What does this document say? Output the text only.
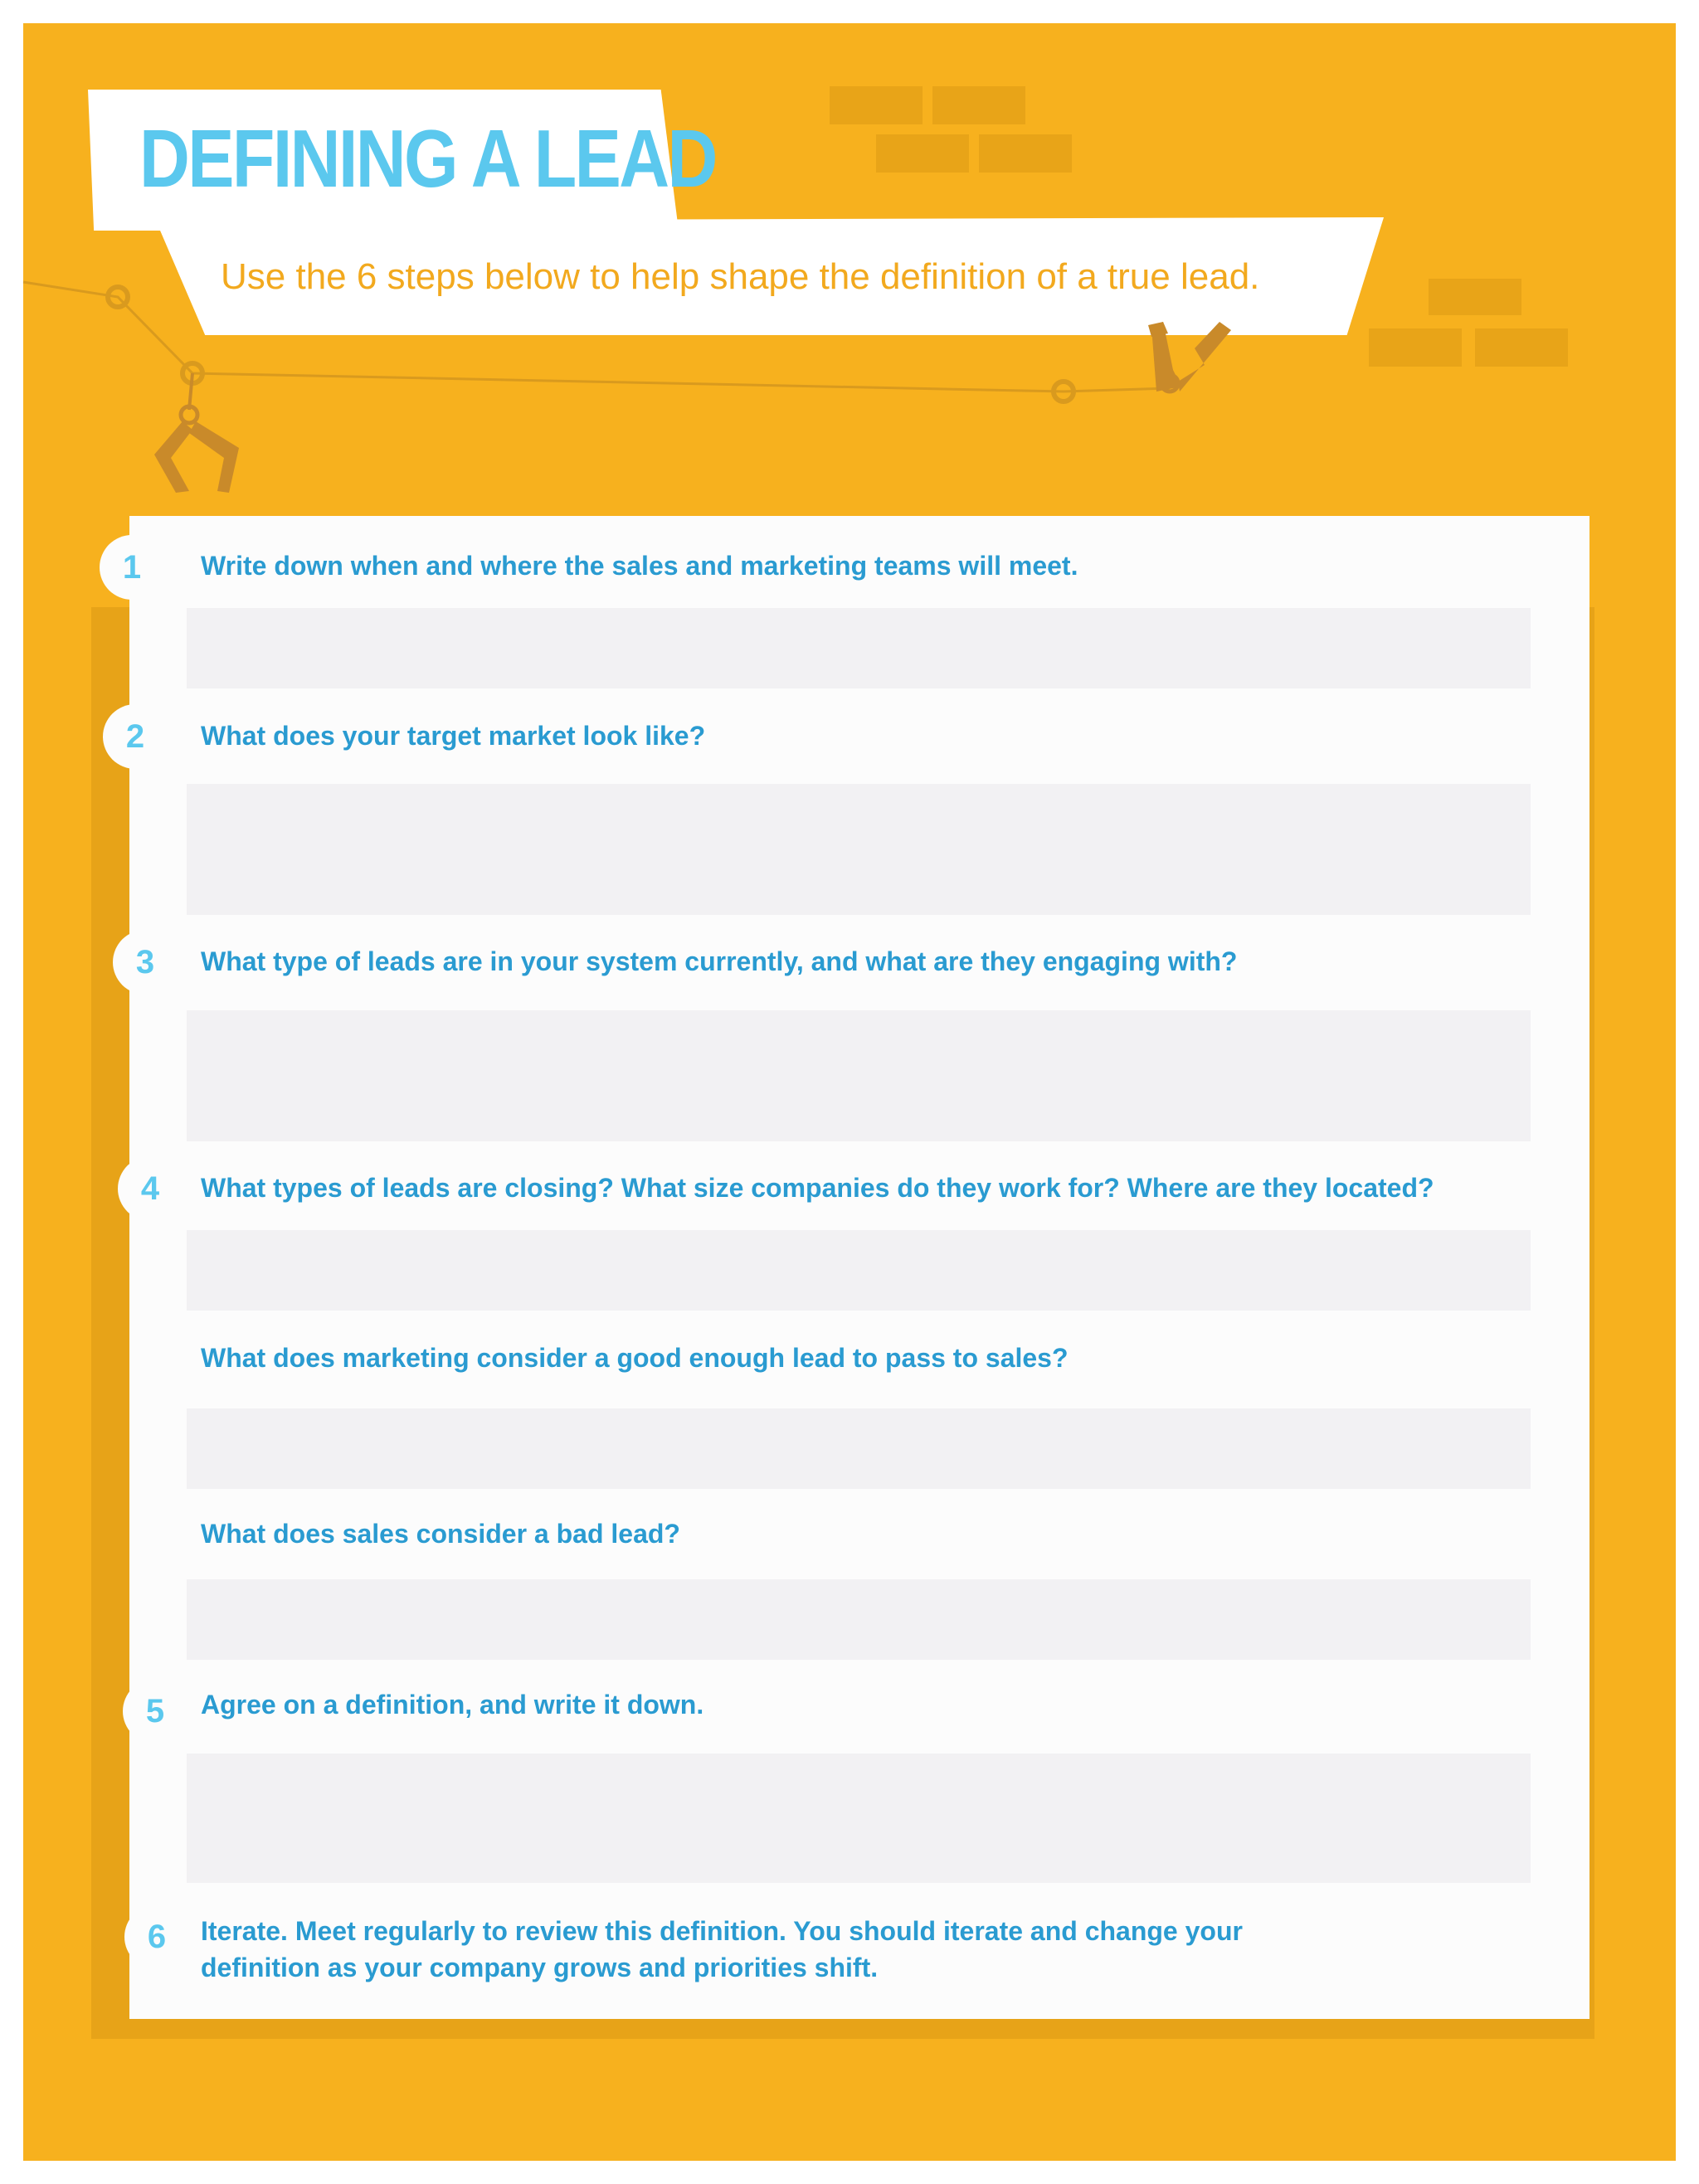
DEFINING A LEAD

Use the 6 steps below to help shape the definition of a true lead.

1	Write down when and where the sales and marketing teams will meet.

2	What does your target market look like?

3	What type of leads are in your system currently, and what are they engaging with?

4	What types of leads are closing? What size companies do they work for? Where are they located?

What does marketing consider a good enough lead to pass to sales?

What does sales consider a bad lead?

5	Agree on a definition, and write it down.

6	Iterate. Meet regularly to review this definition. You should iterate and change your

definition as your company grows and priorities shift.
